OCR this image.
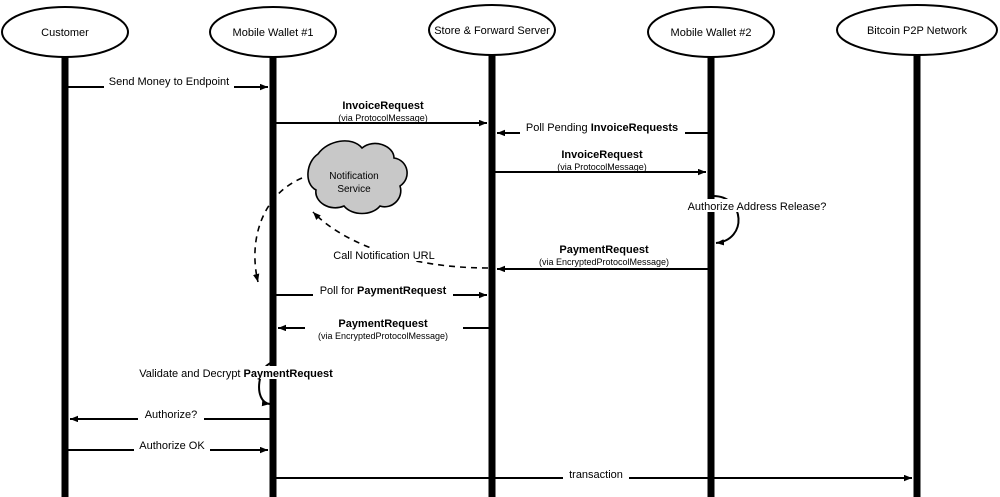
Customer	Mobile Wallet #1	Store & Forward Server	Mobile Wallet #2	Bitcoin P2P Network
Notification
Service
Send Money to Endpoint
InvoiceRequest
(via ProtocolMessage)
Poll Pending InvoiceRequests
InvoiceRequest
(via ProtocolMessage)
Authorize Address Release?
Call Notification URL	PaymentRequest
(via EncryptedProtocolMessage)
Poll for PaymentRequest
PaymentRequest
(via EncryptedProtocolMessage)
Validate and Decrypt PaymentRequest
Authorize?
Authorize OK
transaction
